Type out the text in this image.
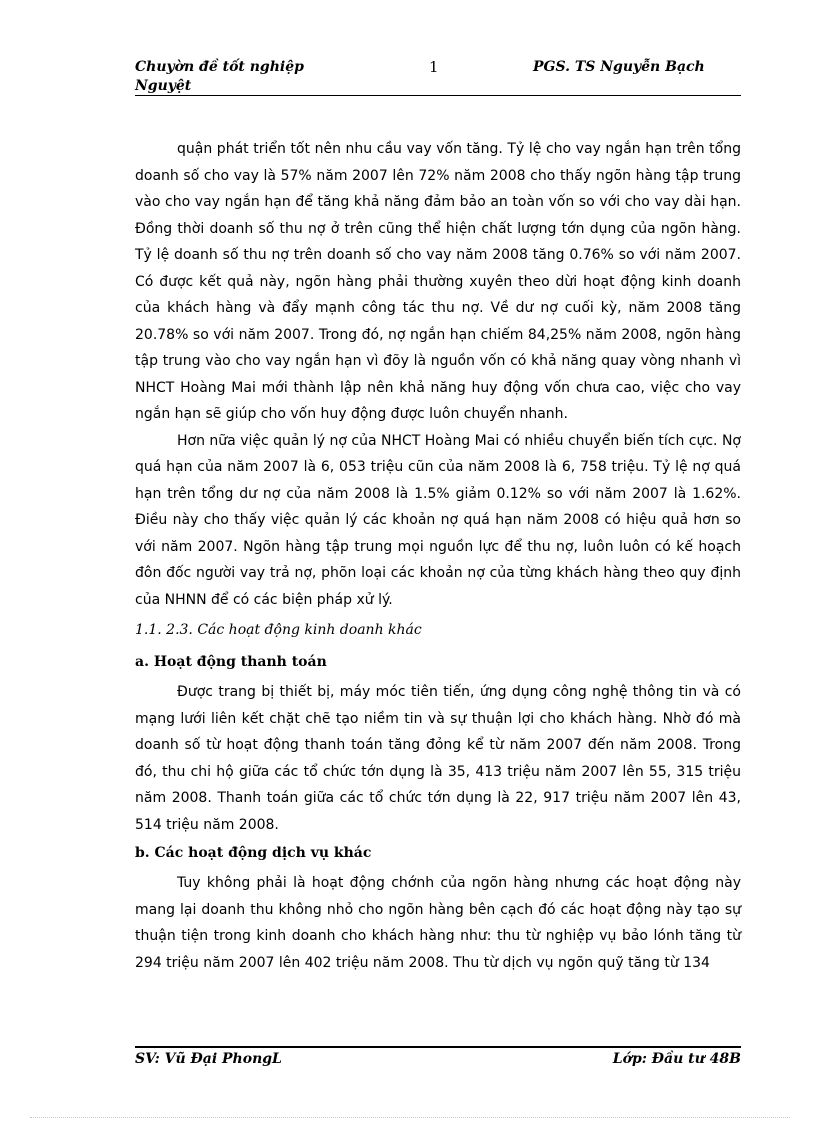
Chuyờn đề tốt nghiệp
Nguyệt
1	PGS. TS Nguyễn Bạch

quận phát triển tốt nên nhu cầu vay vốn tăng. Tỷ lệ cho vay ngắn hạn trên tổng doanh số cho vay là 57% năm 2007 lên 72% năm 2008 cho thấy ngõn hàng tập trung vào cho vay ngắn hạn để tăng khả năng đảm bảo an toàn vốn so với cho vay dài hạn. Đồng thời doanh số thu nợ ở trên cũng thể hiện chất lượng tớn dụng của ngõn hàng. Tỷ lệ doanh số thu nợ trên doanh số cho vay năm 2008 tăng 0.76% so với năm 2007. Có được kết quả này, ngõn hàng phải thường xuyên theo dừi hoạt động kinh doanh của khách hàng và đẩy mạnh công tác thu nợ. Về dư nợ cuối kỳ, năm 2008 tăng 20.78% so với năm 2007. Trong đó, nợ ngắn hạn chiếm 84,25% năm 2008, ngõn hàng tập trung vào cho vay ngắn hạn vì đõy là nguồn vốn có khả năng quay vòng nhanh vì NHCT Hoàng Mai mới thành lập nên khả năng huy động vốn chưa cao, việc cho vay ngắn hạn sẽ giúp cho vốn huy động được luôn chuyển nhanh.

Hơn nữa việc quản lý nợ của NHCT Hoàng Mai có nhiều chuyển biến tích cực. Nợ quá hạn của năm 2007 là 6, 053 triệu cũn của năm 2008 là 6, 758 triệu. Tỷ lệ nợ quá hạn trên tổng dư nợ của năm 2008 là 1.5% giảm 0.12% so với năm 2007 là 1.62%. Điều này cho thấy việc quản lý các khoản nợ quá hạn năm 2008 có hiệu quả hơn so với năm 2007. Ngõn hàng tập trung mọi nguồn lực để thu nợ, luôn luôn có kế hoạch đôn đốc người vay trả nợ, phõn loại các khoản nợ của từng khách hàng theo quy định của NHNN để có các biện pháp xử lý.

1.1. 2.3. Các hoạt động kinh doanh khác
a. Hoạt động thanh toán

Được trang bị thiết bị, máy móc tiên tiến, ứng dụng công nghệ thông tin và có mạng lưới liên kết chặt chẽ tạo niềm tin và sự thuận lợi cho khách hàng. Nhờ đó mà doanh số từ hoạt động thanh toán tăng đỏng kể từ năm 2007 đến năm 2008. Trong đó, thu chi hộ giữa các tổ chức tớn dụng là 35, 413 triệu năm 2007 lên 55, 315 triệu năm 2008. Thanh toán giữa các tổ chức tớn dụng là 22, 917 triệu năm 2007 lên 43, 514 triệu năm 2008.

b. Các hoạt động dịch vụ khác

Tuy không phải là hoạt động chớnh của ngõn hàng nhưng các hoạt động này mang lại doanh thu không nhỏ cho ngõn hàng bên cạch đó các hoạt động này tạo sự thuận tiện trong kinh doanh cho khách hàng như: thu từ nghiệp vụ bảo lónh tăng từ 294 triệu năm 2007 lên 402 triệu năm 2008. Thu từ dịch vụ ngõn quỹ tăng từ 134

SV: Vũ Đại PhongL	Lớp: Đầu tư 48B
